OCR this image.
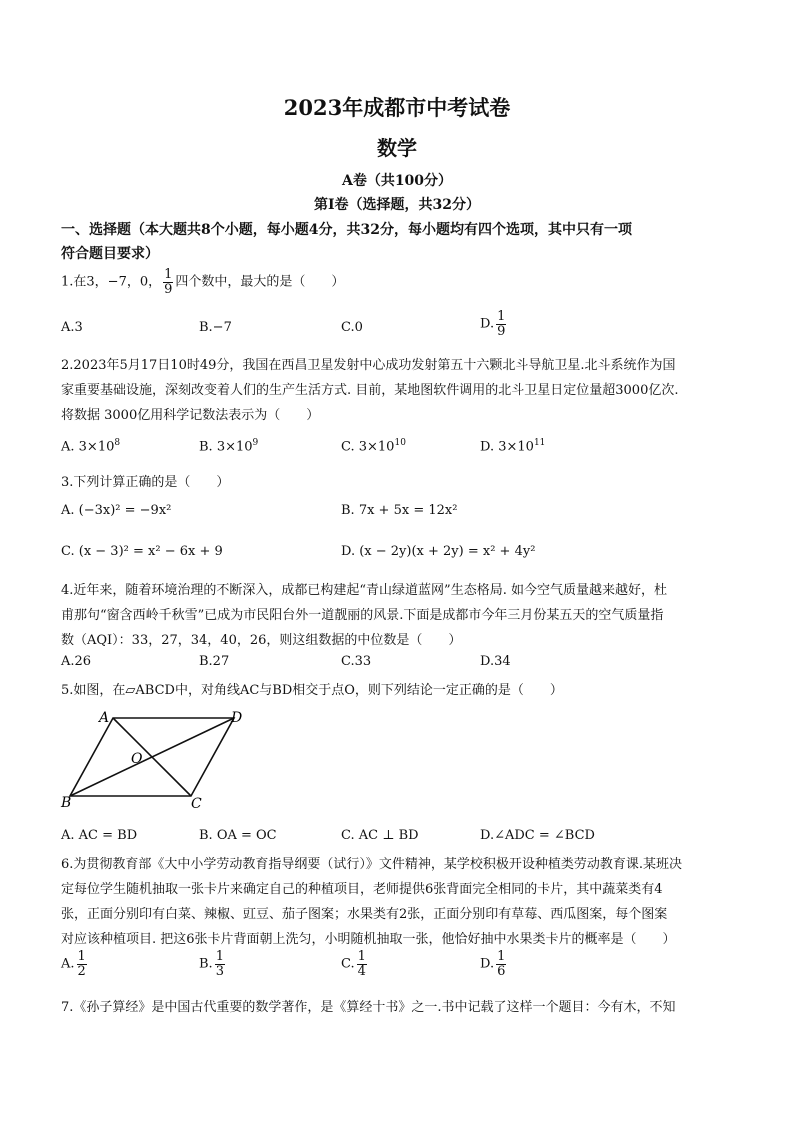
2023年成都市中考试卷
数学
A卷（共100分）
第Ⅰ卷（选择题，共32分）
一、选择题（本大题共8个小题，每小题4分，共32分，每小题均有四个选项，其中只有一项
符合题目要求）
1.在3，−7，0， $\frac{1}{9}$ 四个数中，最大的是（　　）
A.3	B.−7	C.0	D. $\frac{1}{9}$
2.2023年5月17日10时49分，我国在西昌卫星发射中心成功发射第五十六颗北斗导航卫星.北斗系统作为国
家重要基础设施，深刻改变着人们的生产生活方式. 目前，某地图软件调用的北斗卫星日定位量超3000亿次.
将数据 3000亿用科学记数法表示为（　　）
A. $3\times 10^8$	B. $3\times 10^9$	C. $3\times 10^{10}$	D. $3\times 10^{11}$
3.下列计算正确的是（　　）
A. (−3x)² = −9x²	B. 7x + 5x = 12x²
C. (x − 3)² = x² − 6x + 9	D. (x − 2y)(x + 2y) = x² + 4y²
4.近年来，随着环境治理的不断深入，成都已构建起“青山绿道蓝网”生态格局. 如今空气质量越来越好，杜
甫那句“窗含西岭千秋雪”已成为市民阳台外一道靓丽的风景.下面是成都市今年三月份某五天的空气质量指
数（AQI）：33，27，34，40，26，则这组数据的中位数是（　　）
A.26	B.27	C.33	D.34
5.如图，在▱ABCD中，对角线AC与BD相交于点O，则下列结论一定正确的是（　　）
A	D
O
B	C
A. AC = BD	B. OA = OC	C. AC ⊥ BD	D.∠ADC = ∠BCD
6.为贯彻教育部《大中小学劳动教育指导纲要（试行）》文件精神，某学校积极开设种植类劳动教育课.某班决
定每位学生随机抽取一张卡片来确定自己的种植项目，老师提供6张背面完全相同的卡片，其中蔬菜类有4
张，正面分别印有白菜、辣椒、豇豆、茄子图案；水果类有2张，正面分别印有草莓、西瓜图案，每个图案
对应该种植项目. 把这6张卡片背面朝上洗匀，小明随机抽取一张，他恰好抽中水果类卡片的概率是（　　）
A. $\frac{1}{2}$	B. $\frac{1}{3}$	C. $\frac{1}{4}$	D. $\frac{1}{6}$
7.《孙子算经》是中国古代重要的数学著作，是《算经十书》之一.书中记载了这样一个题目：今有木，不知
